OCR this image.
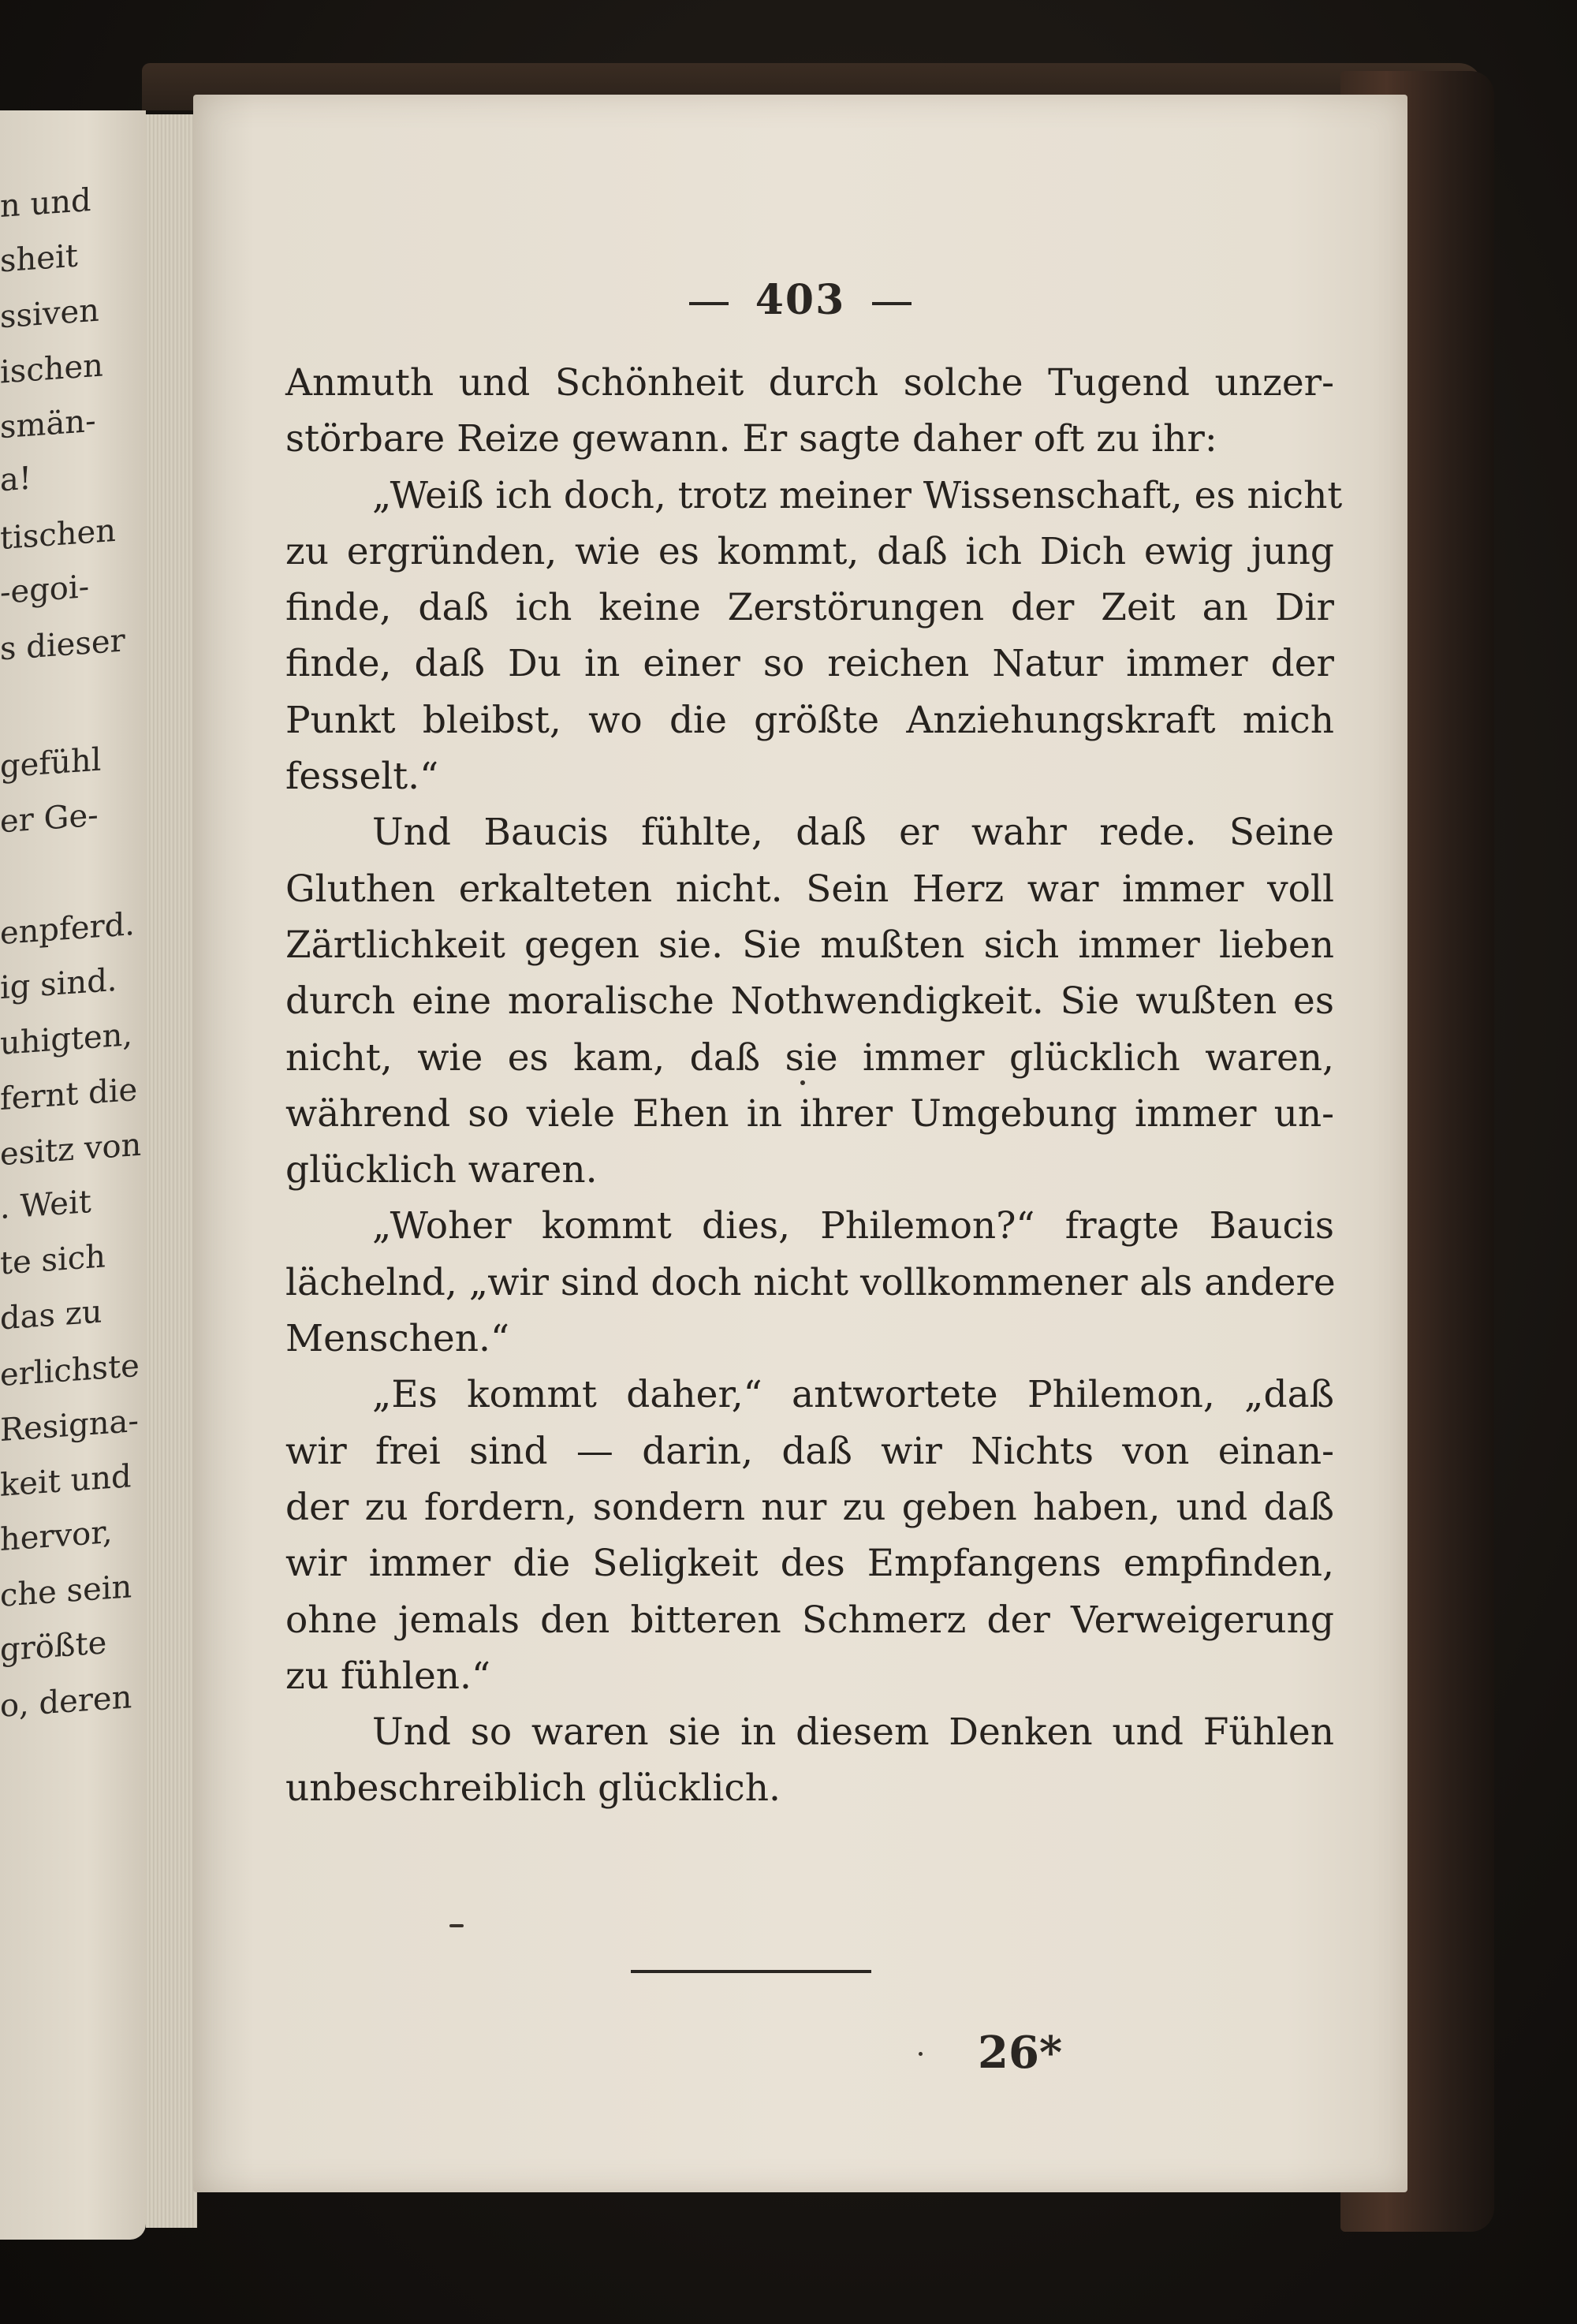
n und
sheit
ssiven
ischen
smän-
a!
tischen
-egoi-
s dieser
gefühl
er Ge-
enpferd.
ig sind.
uhigten,
fernt die
esitz von
. Weit
te sich
das zu
erlichste
Resigna-
keit und
hervor,
che sein
größte
o, deren
403
Anmuth und Schönheit durch solche Tugend unzer-
störbare Reize gewann. Er sagte daher oft zu ihr:
„Weiß ich doch, trotz meiner Wissenschaft, es nicht
zu ergründen, wie es kommt, daß ich Dich ewig jung
finde, daß ich keine Zerstörungen der Zeit an Dir
finde, daß Du in einer so reichen Natur immer der
Punkt bleibst, wo die größte Anziehungskraft mich
fesselt.“
Und Baucis fühlte, daß er wahr rede. Seine
Gluthen erkalteten nicht. Sein Herz war immer voll
Zärtlichkeit gegen sie. Sie mußten sich immer lieben
durch eine moralische Nothwendigkeit. Sie wußten es
nicht, wie es kam, daß sie immer glücklich waren,
während so viele Ehen in ihrer Umgebung immer un-
glücklich waren.
„Woher kommt dies, Philemon?“ fragte Baucis
lächelnd, „wir sind doch nicht vollkommener als andere
Menschen.“
„Es kommt daher,“ antwortete Philemon, „daß
wir frei sind — darin, daß wir Nichts von einan-
der zu fordern, sondern nur zu geben haben, und daß
wir immer die Seligkeit des Empfangens empfinden,
ohne jemals den bitteren Schmerz der Verweigerung
zu fühlen.“
Und so waren sie in diesem Denken und Fühlen
unbeschreiblich glücklich.
26*
